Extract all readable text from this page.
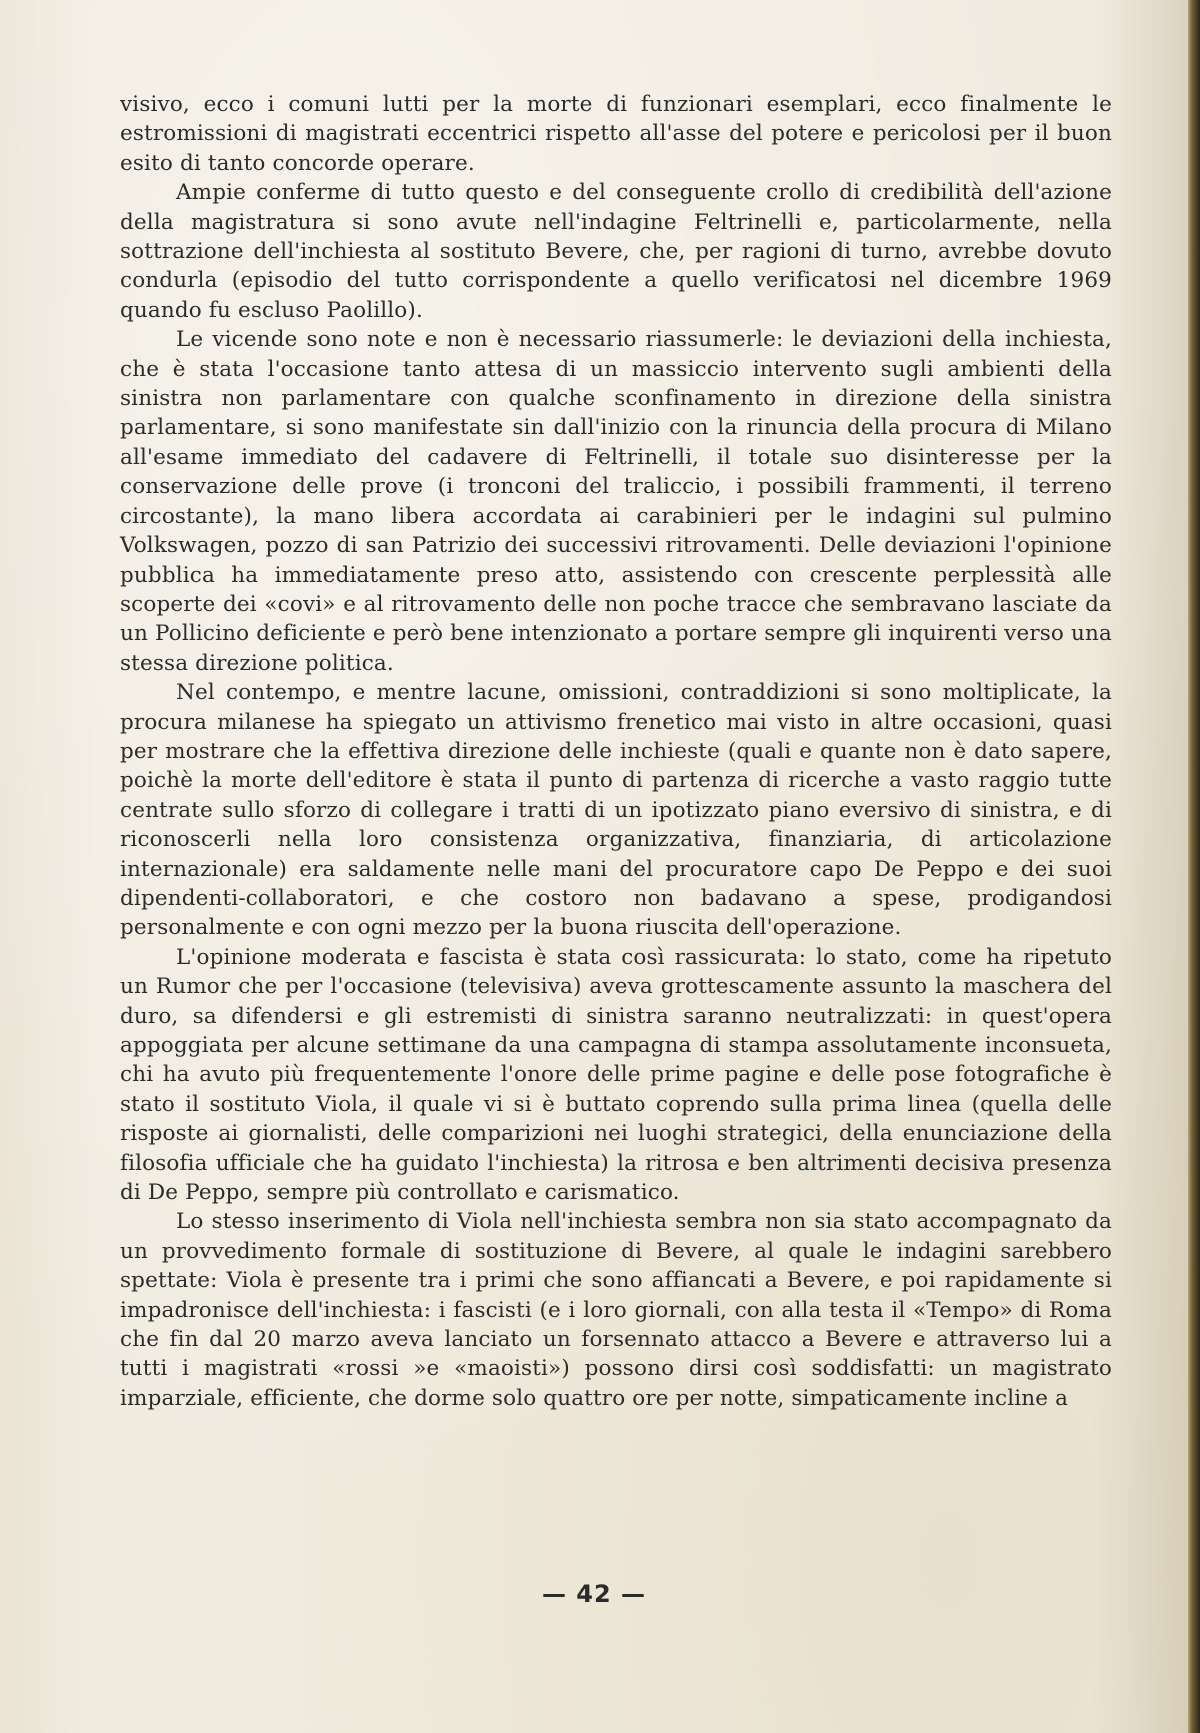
visivo, ecco i comuni lutti per la morte di funzionari esemplari, ecco finalmente le estromissioni di magistrati eccentrici rispetto all'asse del potere e pericolosi per il buon esito di tanto concorde operare.

Ampie conferme di tutto questo e del conseguente crollo di credibilità dell'azione della magistratura si sono avute nell'indagine Feltrinelli e, particolarmente, nella sottrazione dell'inchiesta al sostituto Bevere, che, per ragioni di turno, avrebbe dovuto condurla (episodio del tutto corrispondente a quello verificatosi nel dicembre 1969 quando fu escluso Paolillo).

Le vicende sono note e non è necessario riassumerle: le deviazioni della inchiesta, che è stata l'occasione tanto attesa di un massiccio intervento sugli ambienti della sinistra non parlamentare con qualche sconfinamento in direzione della sinistra parlamentare, si sono manifestate sin dall'inizio con la rinuncia della procura di Milano all'esame immediato del cadavere di Feltrinelli, il totale suo disinteresse per la conservazione delle prove (i tronconi del traliccio, i possibili frammenti, il terreno circostante), la mano libera accordata ai carabinieri per le indagini sul pulmino Volkswagen, pozzo di san Patrizio dei successivi ritrovamenti. Delle deviazioni l'opinione pubblica ha immediatamente preso atto, assistendo con crescente perplessità alle scoperte dei «covi» e al ritrovamento delle non poche tracce che sembravano lasciate da un Pollicino deficiente e però bene intenzionato a portare sempre gli inquirenti verso una stessa direzione politica.

Nel contempo, e mentre lacune, omissioni, contraddizioni si sono moltiplicate, la procura milanese ha spiegato un attivismo frenetico mai visto in altre occasioni, quasi per mostrare che la effettiva direzione delle inchieste (quali e quante non è dato sapere, poichè la morte dell'editore è stata il punto di partenza di ricerche a vasto raggio tutte centrate sullo sforzo di collegare i tratti di un ipotizzato piano eversivo di sinistra, e di riconoscerli nella loro consistenza organizzativa, finanziaria, di articolazione internazionale) era saldamente nelle mani del procuratore capo De Peppo e dei suoi dipendenti-collaboratori, e che costoro non badavano a spese, prodigandosi personalmente e con ogni mezzo per la buona riuscita dell'operazione.

L'opinione moderata e fascista è stata così rassicurata: lo stato, come ha ripetuto un Rumor che per l'occasione (televisiva) aveva grottescamente assunto la maschera del duro, sa difendersi e gli estremisti di sinistra saranno neutralizzati: in quest'opera appoggiata per alcune settimane da una campagna di stampa assolutamente inconsueta, chi ha avuto più frequentemente l'onore delle prime pagine e delle pose fotografiche è stato il sostituto Viola, il quale vi si è buttato coprendo sulla prima linea (quella delle risposte ai giornalisti, delle comparizioni nei luoghi strategici, della enunciazione della filosofia ufficiale che ha guidato l'inchiesta) la ritrosa e ben altrimenti decisiva presenza di De Peppo, sempre più controllato e carismatico.

Lo stesso inserimento di Viola nell'inchiesta sembra non sia stato accompagnato da un provvedimento formale di sostituzione di Bevere, al quale le indagini sarebbero spettate: Viola è presente tra i primi che sono affiancati a Bevere, e poi rapidamente si impadronisce dell'inchiesta: i fascisti (e i loro giornali, con alla testa il «Tempo» di Roma che fin dal 20 marzo aveva lanciato un forsennato attacco a Bevere e attraverso lui a tutti i magistrati «rossi »e «maoisti») possono dirsi così soddisfatti: un magistrato imparziale, efficiente, che dorme solo quattro ore per notte, simpaticamente incline a

— 42 —
